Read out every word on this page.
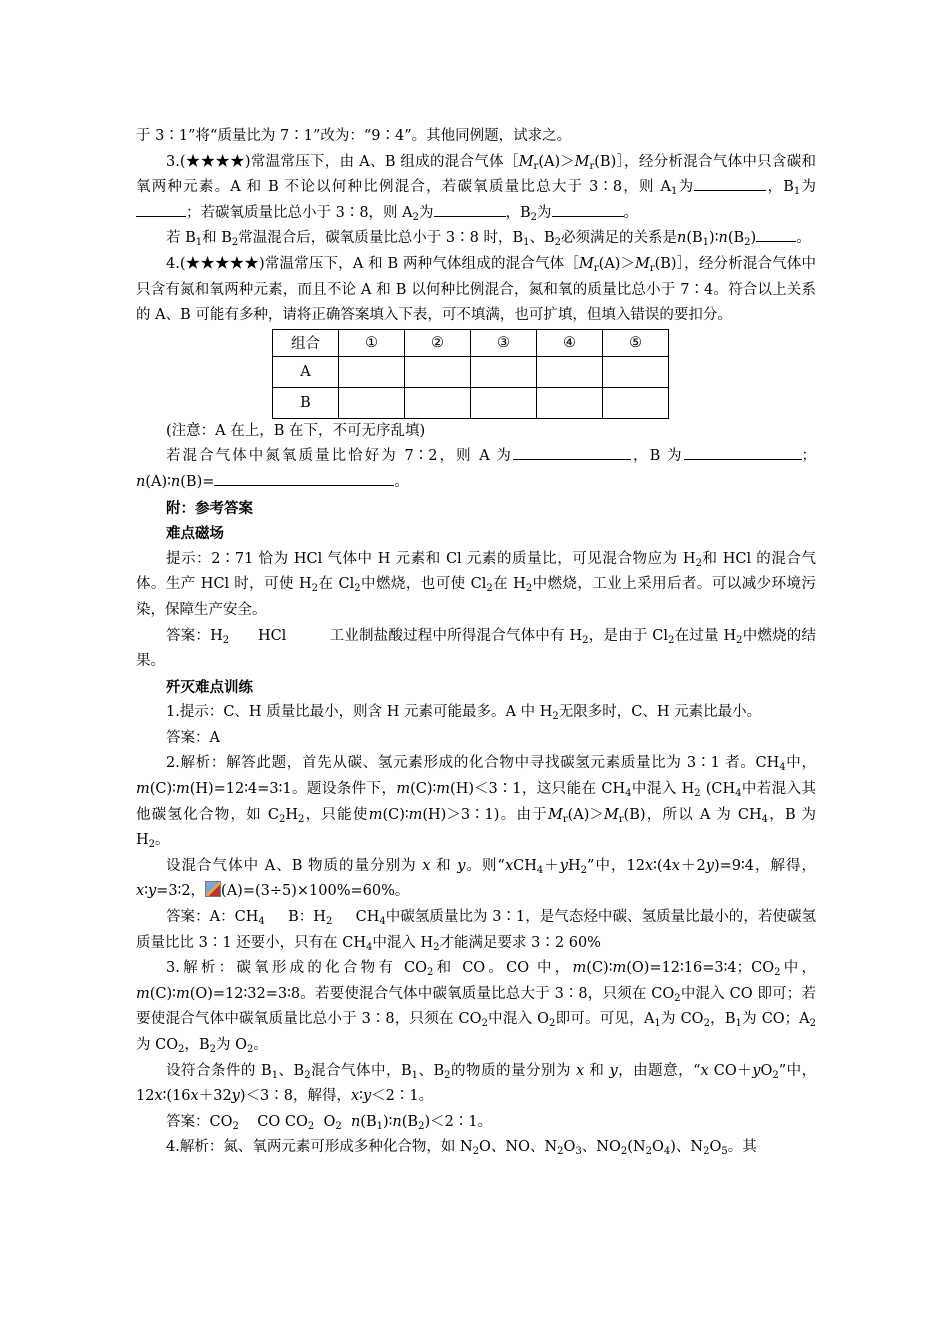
于 3∶1”将“质量比为 7∶1”改为：“9∶4”。其他同例题，试求之。

3.(★★★★)常温常压下，由 A、B 组成的混合气体$[M_r(A)>M_r(B)]$，经分析混合气体中只含碳和氧两种元素。A 和 B 不论以何种比例混合，若碳氧质量比总大于 3∶8，则 $A_1$为	，$B_1$为；若碳氧质量比总小于 3∶8，则 $A_2$为	，$B_2$为	。

若 $B_1$和 $B_2$常温混合后，碳氧质量比总小于 3∶8 时，$B_1$、$B_2$必须满足的关系是$n(B_1)∶n(B_2)$	。

4.(★★★★★)常温常压下，A 和 B 两种气体组成的混合气体$[M_r(A)>M_r(B)]$，经分析混合气体中只含有氮和氧两种元素，而且不论 A 和 B 以何种比例混合，氮和氧的质量比总小于 7∶4。符合以上关系的 A、B 可能有多种，请将正确答案填入下表，可不填满，也可扩填，但填入错误的要扣分。

组合	①	②	③	④	⑤
A					
B					

(注意：A 在上，B 在下，不可无序乱填)

若混合气体中氮氧质量比恰好为 7∶2，则 A 为	，B 为	；n(A)∶n(B)=	。

附：参考答案

难点磁场

提示：2∶71 恰为 HCl 气体中 H 元素和 Cl 元素的质量比，可见混合物应为 $H_2$和 HCl 的混合气体。生产 HCl 时，可使 $H_2$在 $Cl_2$中燃烧，也可使 $Cl_2$在 $H_2$中燃烧，工业上采用后者。可以减少环境污染，保障生产安全。

答案：$H_2$ HCl	工业制盐酸过程中所得混合气体中有 $H_2$，是由于 $Cl_2$在过量 $H_2$中燃烧的结果。

歼灭难点训练

1.提示：C、H 质量比最小，则含 H 元素可能最多。A 中 $H_2$无限多时，C、H 元素比最小。

答案：A

2.解析：解答此题，首先从碳、氢元素形成的化合物中寻找碳氢元素质量比为 3∶1 者。$CH_4$中，m(C)∶m(H)=12∶4=3∶1。题设条件下，m(C)∶m(H)＜3∶1，这只能在 $CH_4$中混入 $H_2$ ($CH_4$中若混入其他碳氢化合物，如 $C_2H_2$，只能使m(C)∶m(H)＞3∶1)。由于$M_r(A)>M_r(B)$，所以 A 为 $CH_4$，B 为 $H_2$。

设混合气体中 A、B 物质的量分别为 x 和 y。则“$xCH_4+yH_2$”中，12x∶(4x＋2y)=9∶4，解得，x∶y=3∶2， (A)=(3÷5)×100%=60%。

答案：A：$CH_4$ B：$H_2$ $CH_4$中碳氢质量比为 3∶1，是气态烃中碳、氢质量比最小的，若使碳氢质量比比 3∶1 还要小，只有在 $CH_4$中混入 $H_2$才能满足要求 3∶2 60%

3.解析：碳氧形成的化合物有 $CO_2$和 CO。CO 中，m(C)∶m(O)=12∶16=3∶4；$CO_2$中，m(C)∶m(O)=12∶32=3∶8。若要使混合气体中碳氧质量比总大于 3∶8，只须在 $CO_2$中混入 CO 即可；若要使混合气体中碳氧质量比总小于 3∶8，只须在 $CO_2$中混入 $O_2$即可。可见，$A_1$为 $CO_2$，$B_1$为 CO；$A_2$为 $CO_2$，$B_2$为 $O_2$。

设符合条件的 $B_1$、$B_2$混合气体中，$B_1$、$B_2$的物质的量分别为 x 和 y，由题意，“x $CO+yO_2$”中，12x∶(16x＋32y)＜3∶8，解得，x∶y＜2∶1。

答案：$CO_2$ CO $CO_2$ $O_2$ $n(B_1)∶n(B_2)<2∶1$。

4.解析：氮、氧两元素可形成多种化合物，如 $N_2O$、NO、$N_2O_3$、$NO_2(N_2O_4)$、$N_2O_5$。其
